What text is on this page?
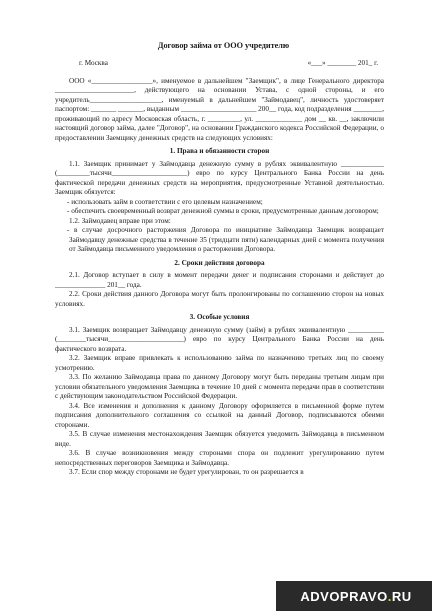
Договор займа от ООО учредителю
г. Москва	«___» ________ 201_ г.

ООО «_________________», именуемое в дальнейшем "Заемщик", в лице Генерального директора ______________________, действующего на основании Устава, с одной стороны, и его учредитель____________________, именуемый в дальнейшем "Займодавец", личность удостоверяет паспортом: _______ _______, выданным _____________________ 200__ года, код подразделения ________, проживающий по адресу Московская область, г. _________, ул. _____________ дом __ кв. __, заключили настоящий договор займа, далее "Договор", на основании Гражданского кодекса Российской Федерации, о предоставлении Заемщику денежных средств на следующих условиях:

1. Права и обязанности сторон

1.1. Заемщик принимает у Займодавца денежную сумму в рублях эквивалентную ____________ (_________тысячи_____________________) евро по курсу Центрального Банка России на день фактической передачи денежных средств на мероприятия, предусмотренные Уставной деятельностью. Заемщик обязуется:

- использовать займ в соответствии с его целевым назначением;

- обеспечить своевременный возврат денежной суммы в сроки, предусмотренные данным договором;

1.2. Займодавец вправе при этом:

- в случае досрочного расторжения Договора по инициативе Займодавца Заемщик возвращает Займодавцу денежные средства в течение 35 (тридцати пяти) календарных дней с момента получения от Займодавца письменного уведомления о расторжении Договора.

2. Сроки действия договора

2.1. Договор вступает в силу в момент передачи денег и подписания сторонами и действует до ______________ 201__ года.

2.2. Сроки действия данного Договора могут быть пролонгированы по соглашению сторон на новых условиях.

3. Особые условия

3.1. Заемщик возвращает Займодавцу денежную сумму (займ) в рублях эквивалентную __________ (________тысячи_____________________) евро по курсу Центрального Банка России на день фактического возврата.

3.2. Заемщик вправе привлекать к использованию займа по назначению третьих лиц по своему усмотрению.

3.3. По желанию Займодавца права по данному Договору могут быть переданы третьим лицам при условии обязательного уведомления Заемщика в течение 10 дней с момента передачи прав в соответствии с действующим законодательством Российской Федерации.

3.4. Все изменения и дополнения к данному Договору оформляется в письменной форме путем подписания дополнительного соглашения со ссылкой на данный Договор, подписываются обеими сторонами.

3.5. В случае изменения местонахождения Заемщик обязуется уведомить Займодавца в письменном виде.

3.6. В случае возникновения между сторонами спора он подлежит урегулированию путем непосредственных переговоров Заемщика и Займодавца.

3.7. Если спор между сторонами не будет урегулирован, то он разрешается в

ADVOPRAVO . RU
